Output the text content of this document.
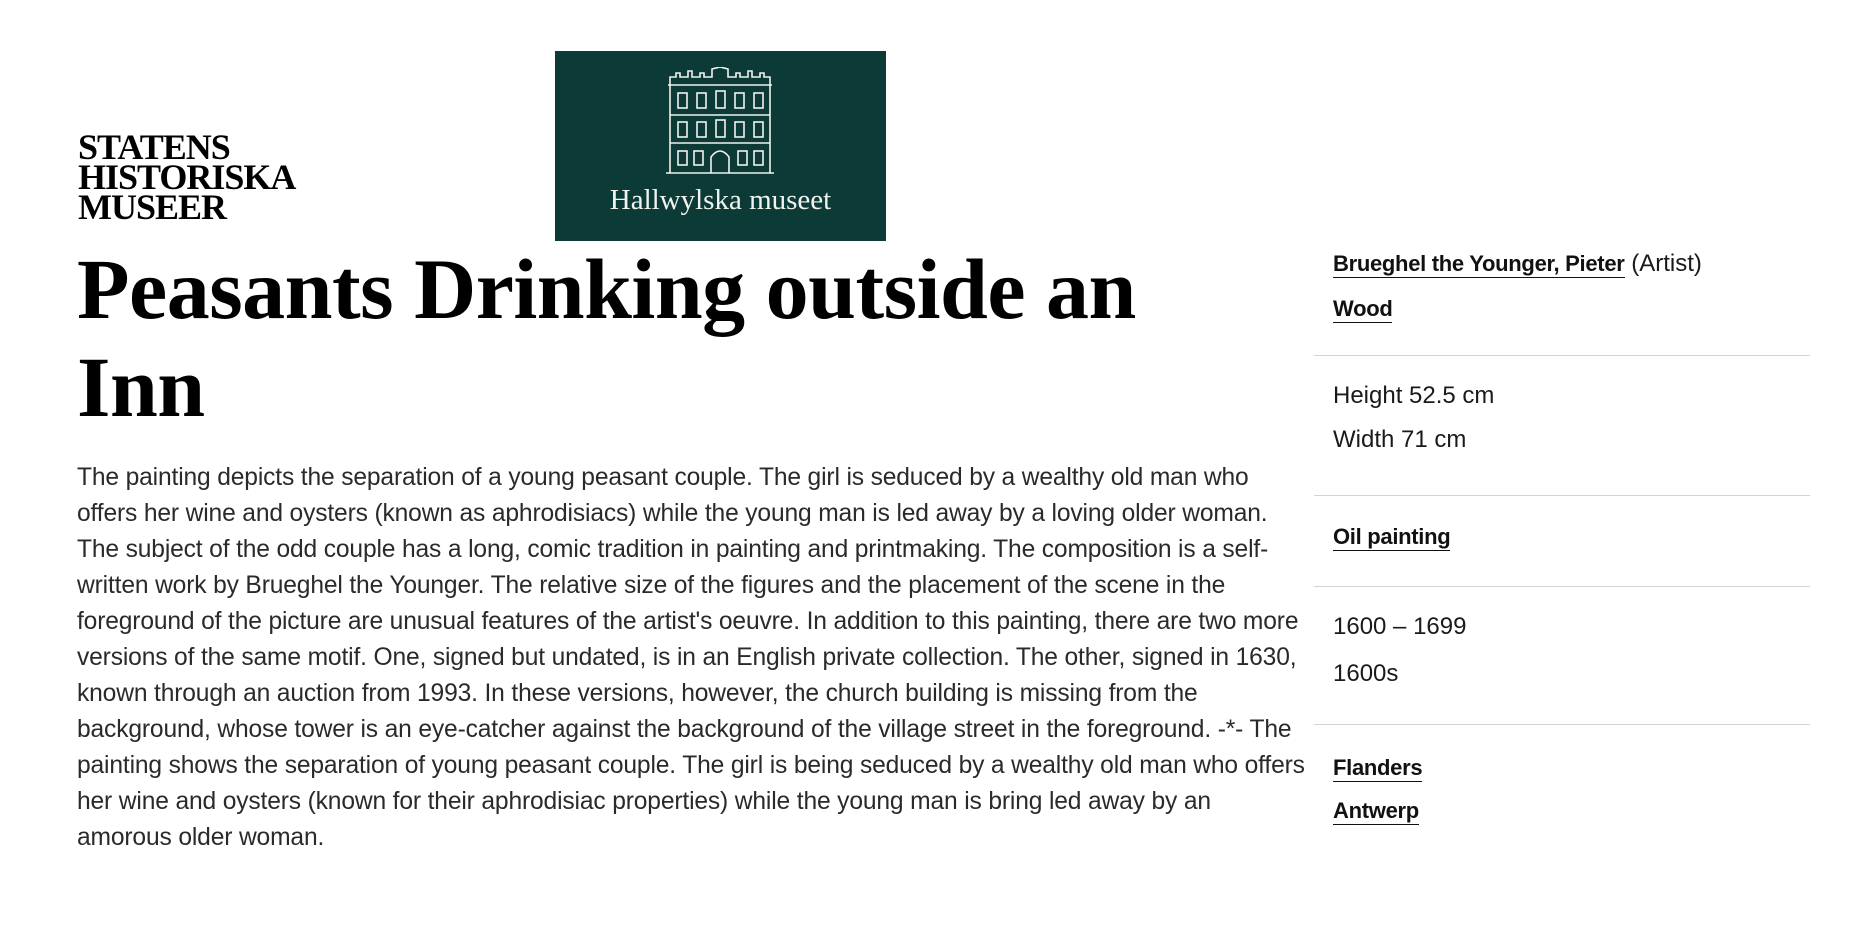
STATENS
HISTORISKA
MUSEER	Hallwylska museet
Peasants Drinking outside an Inn

The painting depicts the separation of a young peasant couple. The girl is seduced by a wealthy old man who offers her wine and oysters (known as aphrodisiacs) while the young man is led away by a loving older woman. The subject of the odd couple has a long, comic tradition in painting and printmaking. The composition is a self-written work by Brueghel the Younger. The relative size of the figures and the placement of the scene in the foreground of the picture are unusual features of the artist's oeuvre. In addition to this painting, there are two more versions of the same motif. One, signed but undated, is in an English private collection. The other, signed in 1630, known through an auction from 1993. In these versions, however, the church building is missing from the background, whose tower is an eye-catcher against the background of the village street in the foreground. -*- The painting shows the separation of young peasant couple. The girl is being seduced by a wealthy old man who offers her wine and oysters (known for their aphrodisiac properties) while the young man is bring led away by an amorous older woman.

Brueghel the Younger, Pieter (Artist)
Wood
Height 52.5 cm
Width 71 cm
Oil painting
1600 – 1699
1600s
Flanders
Antwerp
